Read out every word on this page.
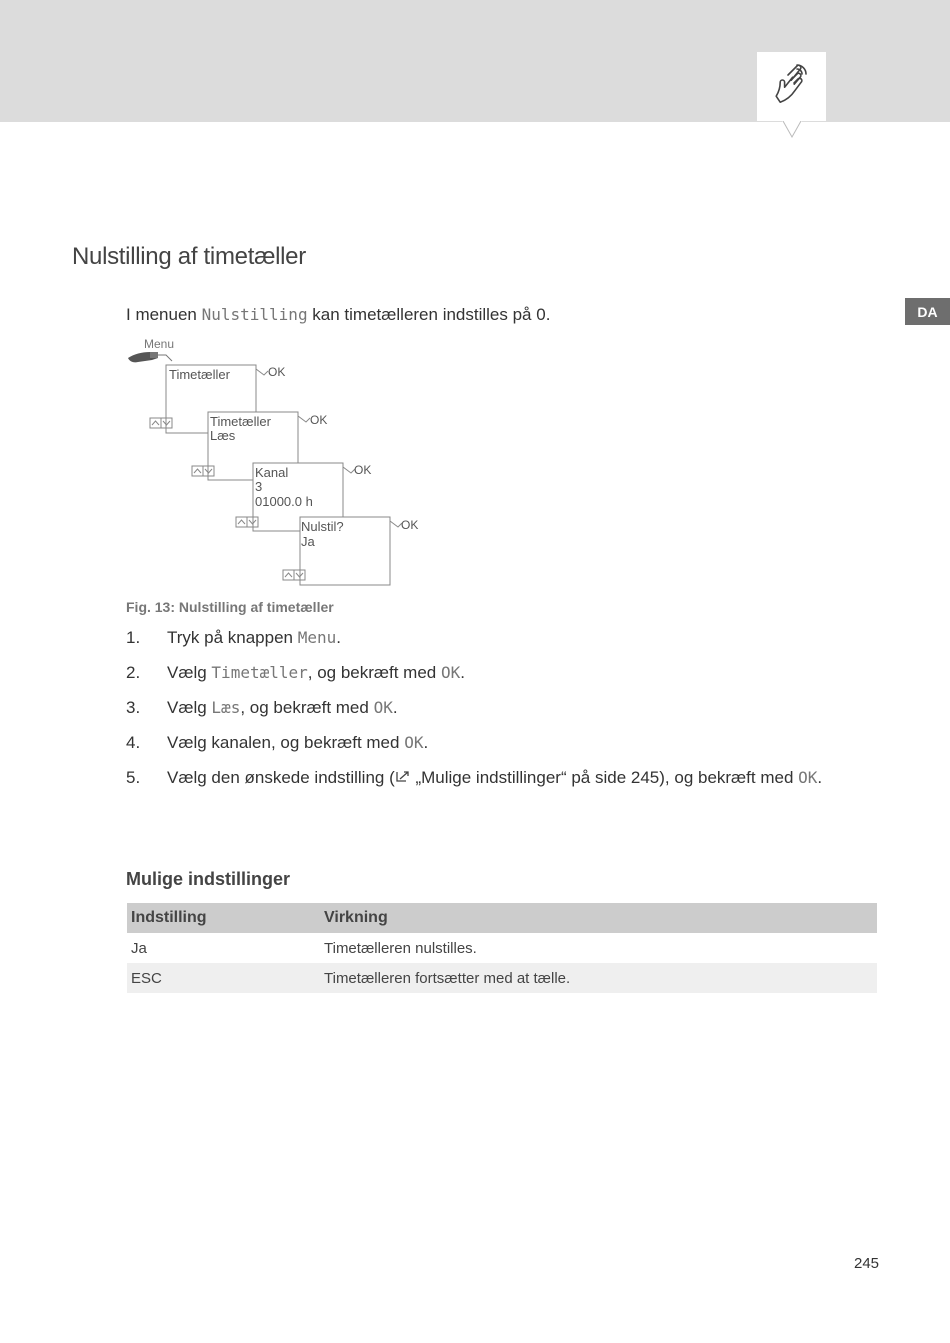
DA
Nulstilling af timetæller
I menuen Nulstilling kan timetælleren indstilles på 0.
Menu
Timetæller	OK
Timetæller
Læs
OK
Kanal
3
01000.0 h
OK
Nulstil?
Ja
OK
Fig. 13: Nulstilling af timetæller
1.	Tryk på knappen Menu.
2.	Vælg Timetæller, og bekræft med OK.
3.	Vælg Læs, og bekræft med OK.
4.	Vælg kanalen, og bekræft med OK.
5.	Vælg den ønskede indstilling ( „Mulige indstillinger“ på side 245), og bekræft med OK.
Mulige indstillinger
Indstilling	Virkning
Ja	Timetælleren nulstilles.
ESC	Timetælleren fortsætter med at tælle.
245
